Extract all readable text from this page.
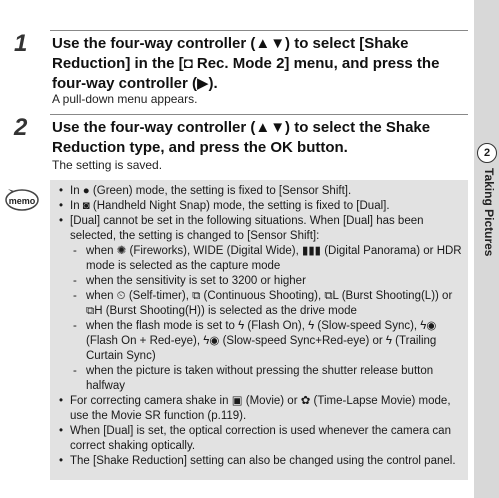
2
Taking Pictures
1 Use the four-way controller (▲▼) to select [Shake Reduction] in the [◘ Rec. Mode 2] menu, and press the four-way controller (▶).
A pull-down menu appears.
2 Use the four-way controller (▲▼) to select the Shake Reduction type, and press the OK button.
The setting is saved.
memo
• In ● (Green) mode, the setting is fixed to [Sensor Shift].
• In ◙ (Handheld Night Snap) mode, the setting is fixed to [Dual].
• [Dual] cannot be set in the following situations. When [Dual] has been selected, the setting is changed to [Sensor Shift]:
- when ✺ (Fireworks), WIDE (Digital Wide), ▮▮▮ (Digital Panorama) or HDR mode is selected as the capture mode
- when the sensitivity is set to 3200 or higher
- when ⏲ (Self-timer), ⧉ (Continuous Shooting), ⧉L (Burst Shooting(L)) or ⧉H (Burst Shooting(H)) is selected as the drive mode
- when the flash mode is set to ϟ (Flash On), ϟ (Slow-speed Sync), ϟ◉ (Flash On + Red-eye), ϟ◉ (Slow-speed Sync+Red-eye) or ϟ (Trailing Curtain Sync)
- when the picture is taken without pressing the shutter release button halfway
• For correcting camera shake in ▣ (Movie) or ✿ (Time-Lapse Movie) mode, use the Movie SR function (p.119).
• When [Dual] is set, the optical correction is used whenever the camera can correct shaking optically.
• The [Shake Reduction] setting can also be changed using the control panel.
